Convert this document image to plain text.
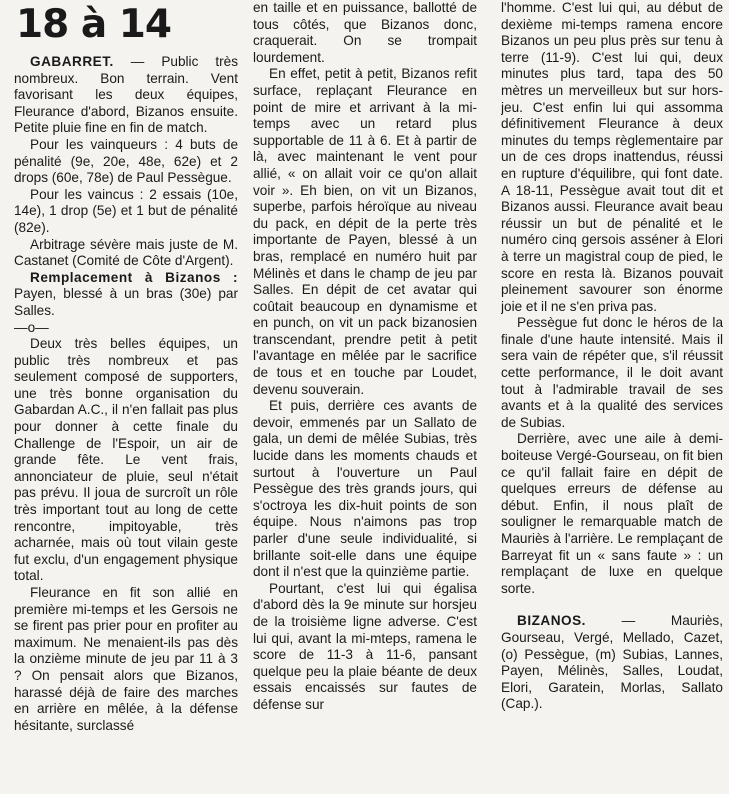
18 à 14

GABARRET. — Public très nombreux. Bon terrain. Vent favorisant les deux équipes, Fleurance d'abord, Bizanos ensuite. Petite pluie fine en fin de match.

Pour les vainqueurs : 4 buts de pénalité (9e, 20e, 48e, 62e) et 2 drops (60e, 78e) de Paul Pessègue.

Pour les vaincus : 2 essais (10e, 14e), 1 drop (5e) et 1 but de pénalité (82e).

Arbitrage sévère mais juste de M. Castanet (Comité de Côte d'Argent).

Remplacement à Bizanos : Payen, blessé à un bras (30e) par Salles.

—o—

Deux très belles équipes, un public très nombreux et pas seulement composé de supporters, une très bonne organisation du Gabardan A.C., il n'en fallait pas plus pour donner à cette finale du Challenge de l'Espoir, un air de grande fête. Le vent frais, annonciateur de pluie, seul n'était pas prévu. Il joua de surcroît un rôle très important tout au long de cette rencontre, impitoyable, très acharnée, mais où tout vilain geste fut exclu, d'un engagement physique total.

Fleurance en fit son allié en première mi-temps et les Gersois ne se firent pas prier pour en profiter au maximum. Ne menaient-ils pas dès la onzième minute de jeu par 11 à 3 ? On pensait alors que Bizanos, harassé déjà de faire des marches en arrière en mêlée, à la défense hésitante, surclassé

en taille et en puissance, ballotté de tous côtés, que Bizanos donc, craquerait. On se trompait lourdement.

En effet, petit à petit, Bizanos refit surface, replaçant Fleurance en point de mire et arrivant à la mi-temps avec un retard plus supportable de 11 à 6. Et à partir de là, avec maintenant le vent pour allié, « on allait voir ce qu'on allait voir ». Eh bien, on vit un Bizanos, superbe, parfois héroïque au niveau du pack, en dépit de la perte très importante de Payen, blessé à un bras, remplacé en numéro huit par Mélinès et dans le champ de jeu par Salles. En dépit de cet avatar qui coûtait beaucoup en dynamisme et en punch, on vit un pack bizanosien transcendant, prendre petit à petit l'avantage en mêlée par le sacrifice de tous et en touche par Loudet, devenu souverain.

Et puis, derrière ces avants de devoir, emmenés par un Sallato de gala, un demi de mêlée Subias, très lucide dans les moments chauds et surtout à l'ouverture un Paul Pessègue des très grands jours, qui s'octroya les dix-huit points de son équipe. Nous n'aimons pas trop parler d'une seule individualité, si brillante soit-elle dans une équipe dont il n'est que la quinzième partie.

Pourtant, c'est lui qui égalisa d'abord dès la 9e minute sur horsjeu de la troisième ligne adverse. C'est lui qui, avant la mi-mteps, ramena le score de 11-3 à 11-6, pansant quelque peu la plaie béante de deux essais encaissés sur fautes de défense sur

l'homme. C'est lui qui, au début de dexième mi-temps ramena encore Bizanos un peu plus près sur tenu à terre (11-9). C'est lui qui, deux minutes plus tard, tapa des 50 mètres un merveilleux but sur hors-jeu. C'est enfin lui qui assomma définitivement Fleurance à deux minutes du temps règlementaire par un de ces drops inattendus, réussi en rupture d'équilibre, qui font date. A 18-11, Pessègue avait tout dit et Bizanos aussi. Fleurance avait beau réussir un but de pénalité et le numéro cinq gersois asséner à Elori à terre un magistral coup de pied, le score en resta là. Bizanos pouvait pleinement savourer son énorme joie et il ne s'en priva pas.

Pessègue fut donc le héros de la finale d'une haute intensité. Mais il sera vain de répéter que, s'il réussit cette performance, il le doit avant tout à l'admirable travail de ses avants et à la qualité des services de Subias.

Derrière, avec une aile à demi-boiteuse Vergé-Gourseau, on fit bien ce qu'il fallait faire en dépit de quelques erreurs de défense au début. Enfin, il nous plaît de souligner le remarquable match de Mauriès à l'arrière. Le remplaçant de Barreyat fit un « sans faute » : un remplaçant de luxe en quelque sorte.

BIZANOS. — Mauriès, Gourseau, Vergé, Mellado, Cazet, (o) Pessègue, (m) Subias, Lannes, Payen, Mélinès, Salles, Loudat, Elori, Garatein, Morlas, Sallato (Cap.).
